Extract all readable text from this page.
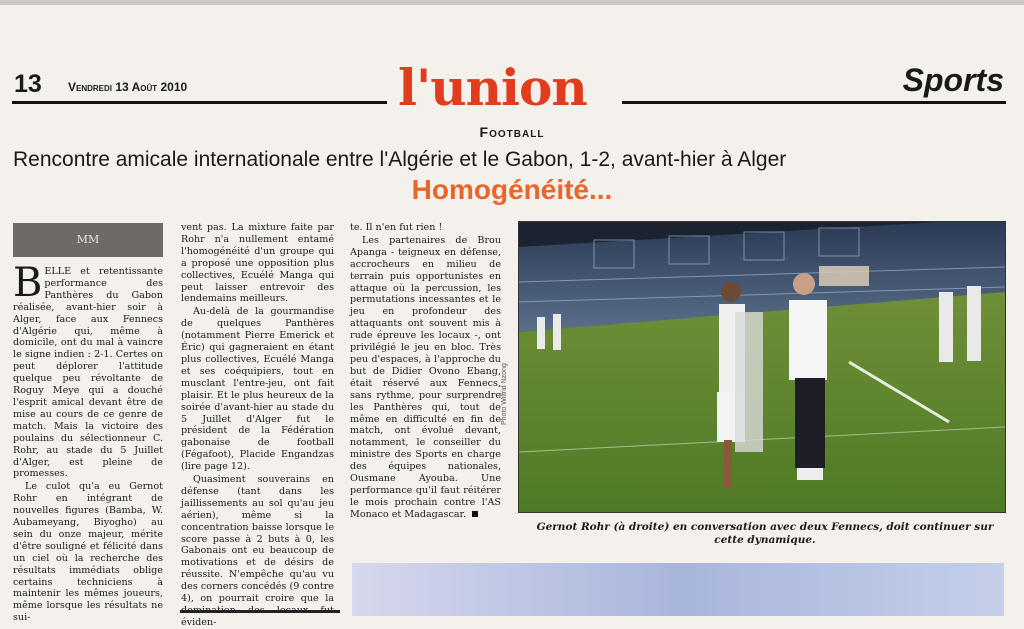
13 Vendredi 13 Août 2010	l'union	Sports
Football
Rencontre amicale internationale entre l'Algérie et le Gabon, 1-2, avant-hier à Alger
Homogénéité...
MM

BELLE et retentissante performance des Panthères du Gabon réalisée, avant-hier soir à Alger, face aux Fennecs d'Algérie qui, même à domicile, ont du mal à vaincre le signe indien : 2-1. Certes on peut déplorer l'attitude quelque peu révoltante de Roguy Meye qui a douché l'esprit amical devant être de mise au cours de ce genre de match. Mais la victoire des poulains du sélectionneur C. Rohr, au stade du 5 Juillet d'Alger, est pleine de promesses.

Le culot qu'a eu Gernot Rohr en intégrant de nouvelles figures (Bamba, W. Aubameyang, Biyogho) au sein du onze majeur, mérite d'être souligné et félicité dans un ciel où la recherche des résultats immédiats oblige certains techniciens à maintenir les mêmes joueurs, même lorsque les résultats ne sui-

vent pas. La mixture faite par Rohr n'a nullement entamé l'homogénéité d'un groupe qui a proposé une opposition plus collectives, Ecuélé Manga qui peut laisser entrevoir des lendemains meilleurs.

Au-delà de la gourmandise de quelques Panthères (notamment Pierre Emerick et Éric) qui gagneraient en étant plus collectives, Ecuélé Manga et ses coéquipiers, tout en musclant l'entre-jeu, ont fait plaisir. Et le plus heureux de la soirée d'avant-hier au stade du 5 Juillet d'Alger fut le président de la Fédération gabonaise de football (Fégafoot), Placide Engandzas (lire page 12).

Quasiment souverains en défense (tant dans les jaillissements au sol qu'au jeu aérien), même si la concentration baisse lorsque le score passe à 2 buts à 0, les Gabonais ont eu beaucoup de motivations et de désirs de réussite. N'empêche qu'au vu des corners concédés (9 contre 4), on pourrait croire que la éviden-

te. Il n'en fut rien !

Les partenaires de Brou Apanga - teigneux en défense, accrocheurs en milieu de terrain puis opportunistes en attaque où la percussion, les permutations incessantes et le jeu en profondeur des attaquants ont souvent mis à rude épreuve les locaux -, ont privilégié le jeu en bloc. Très peu d'espaces, à l'approche du but de Didier Ovono Ebang, était réservé aux Fennecs, sans rythme, pour surprendre les Panthères qui, tout de même en difficulté en fin de match, ont évolué devant, notamment, le conseiller du ministre des Sports en charge des équipes nationales, Ousmane Ayouba. Une performance qu'il faut réitérer le mois prochain contre l'AS Monaco et Madagascar.

Photo Wilfrid Nzong
Gernot Rohr (à droite) en conversation avec deux Fennecs, doit continuer sur cette dynamique.
